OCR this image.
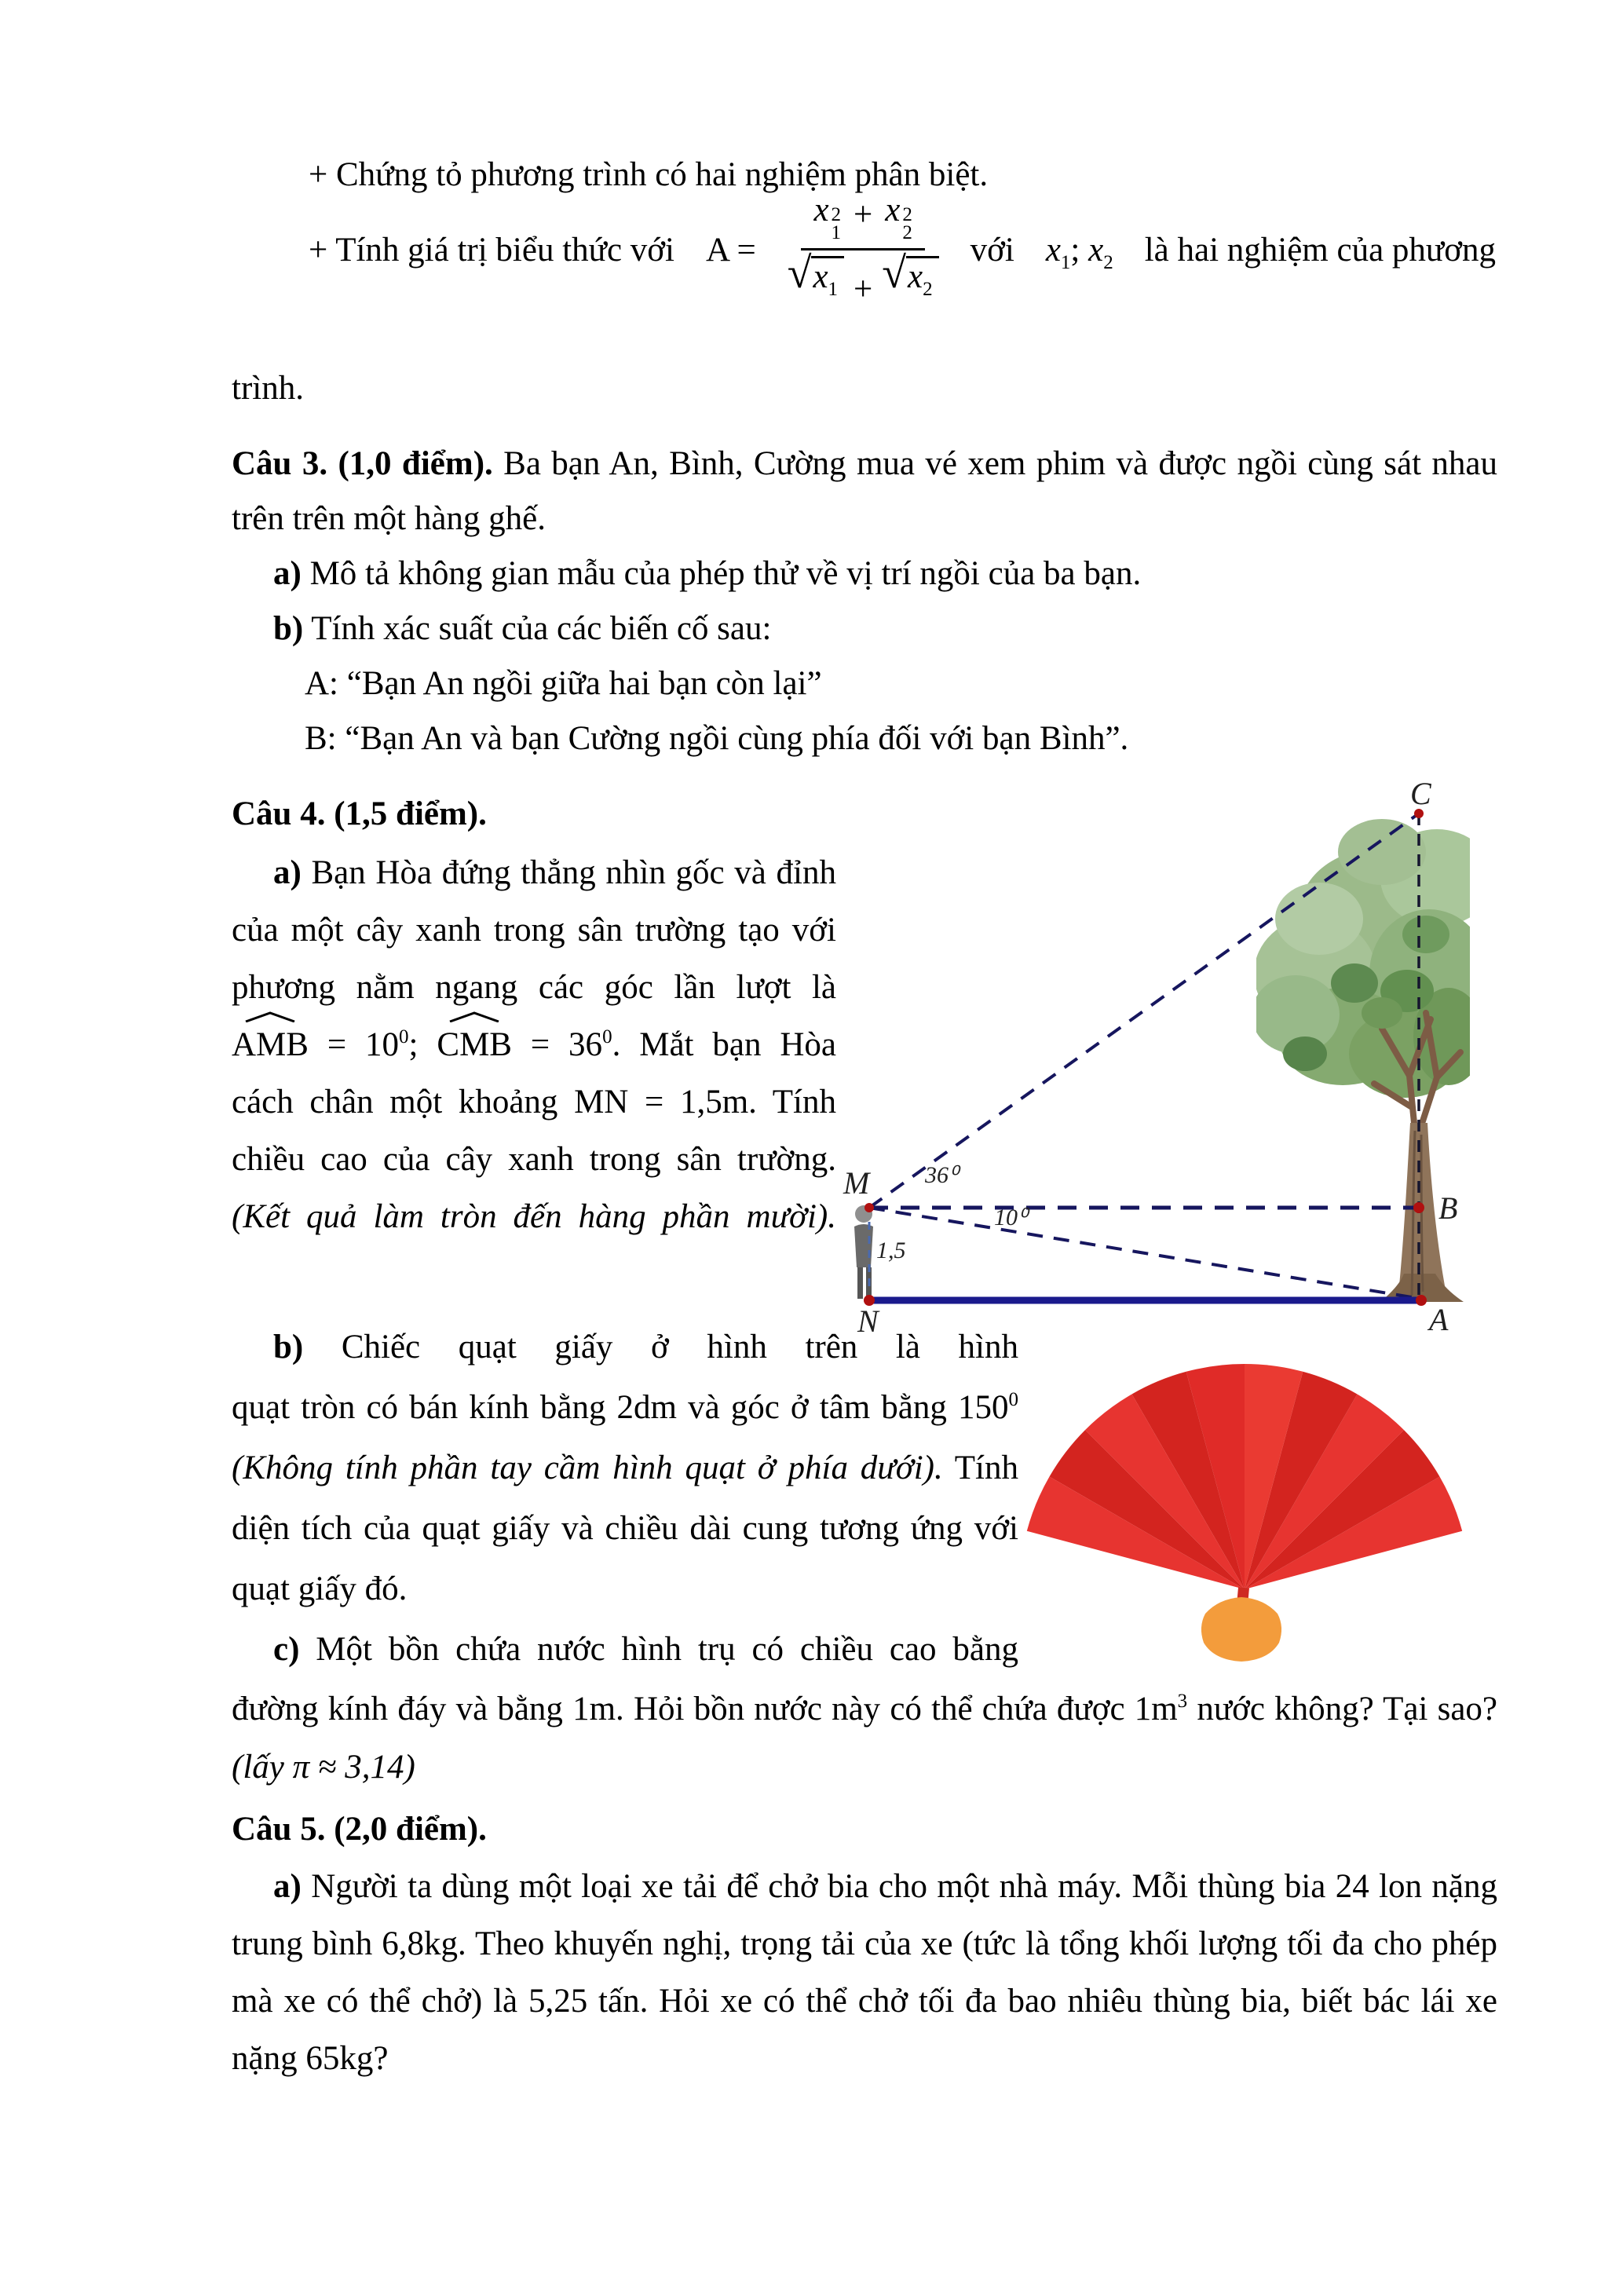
+ Chứng tỏ phương trình có hai nghiệm phân biệt.
+ Tính giá trị biểu thức với A = x 2
1 + x 2
2
$√x_1 + √x_2$ với $x_1$; $x_2$ là hai nghiệm của phương
trình.
Câu 3. (1,0 điểm). Ba bạn An, Bình, Cường mua vé xem phim và được ngồi cùng sát nhau
trên trên một hàng ghế.
a) Mô tả không gian mẫu của phép thử về vị trí ngồi của ba bạn.
b) Tính xác suất của các biến cố sau:
A: “Bạn An ngồi giữa hai bạn còn lại”
B: “Bạn An và bạn Cường ngồi cùng phía đối với bạn Bình”.
Câu 4. (1,5 điểm).
a) Bạn Hòa đứng thẳng nhìn gốc và đỉnh
của một cây xanh trong sân trường tạo với
phương nằm ngang các góc lần lượt là
AMB = $10^0$; CMB = $36^0$. Mắt bạn Hòa
cách chân một khoảng MN = 1,5m. Tính
chiều cao của cây xanh trong sân trường.
(Kết quả làm tròn đến hàng phần mười).
C
M
N	A
B
36⁰
10⁰
1,5
b) Chiếc quạt giấy ở hình trên là hình
quạt tròn có bán kính bằng 2dm và góc ở tâm bằng $150^0$
(Không tính phần tay cầm hình quạt ở phía dưới). Tính
diện tích của quạt giấy và chiều dài cung tương ứng với
quạt giấy đó.
c) Một bồn chứa nước hình trụ có chiều cao bằng
đường kính đáy và bằng 1m. Hỏi bồn nước này có thể chứa được $1m^3$ nước không? Tại sao?
(lấy π ≈ 3,14)
Câu 5. (2,0 điểm).
a) Người ta dùng một loại xe tải để chở bia cho một nhà máy. Mỗi thùng bia 24 lon nặng
trung bình 6,8kg. Theo khuyến nghị, trọng tải của xe (tức là tổng khối lượng tối đa cho phép
mà xe có thể chở) là 5,25 tấn. Hỏi xe có thể chở tối đa bao nhiêu thùng bia, biết bác lái xe
nặng 65kg?
